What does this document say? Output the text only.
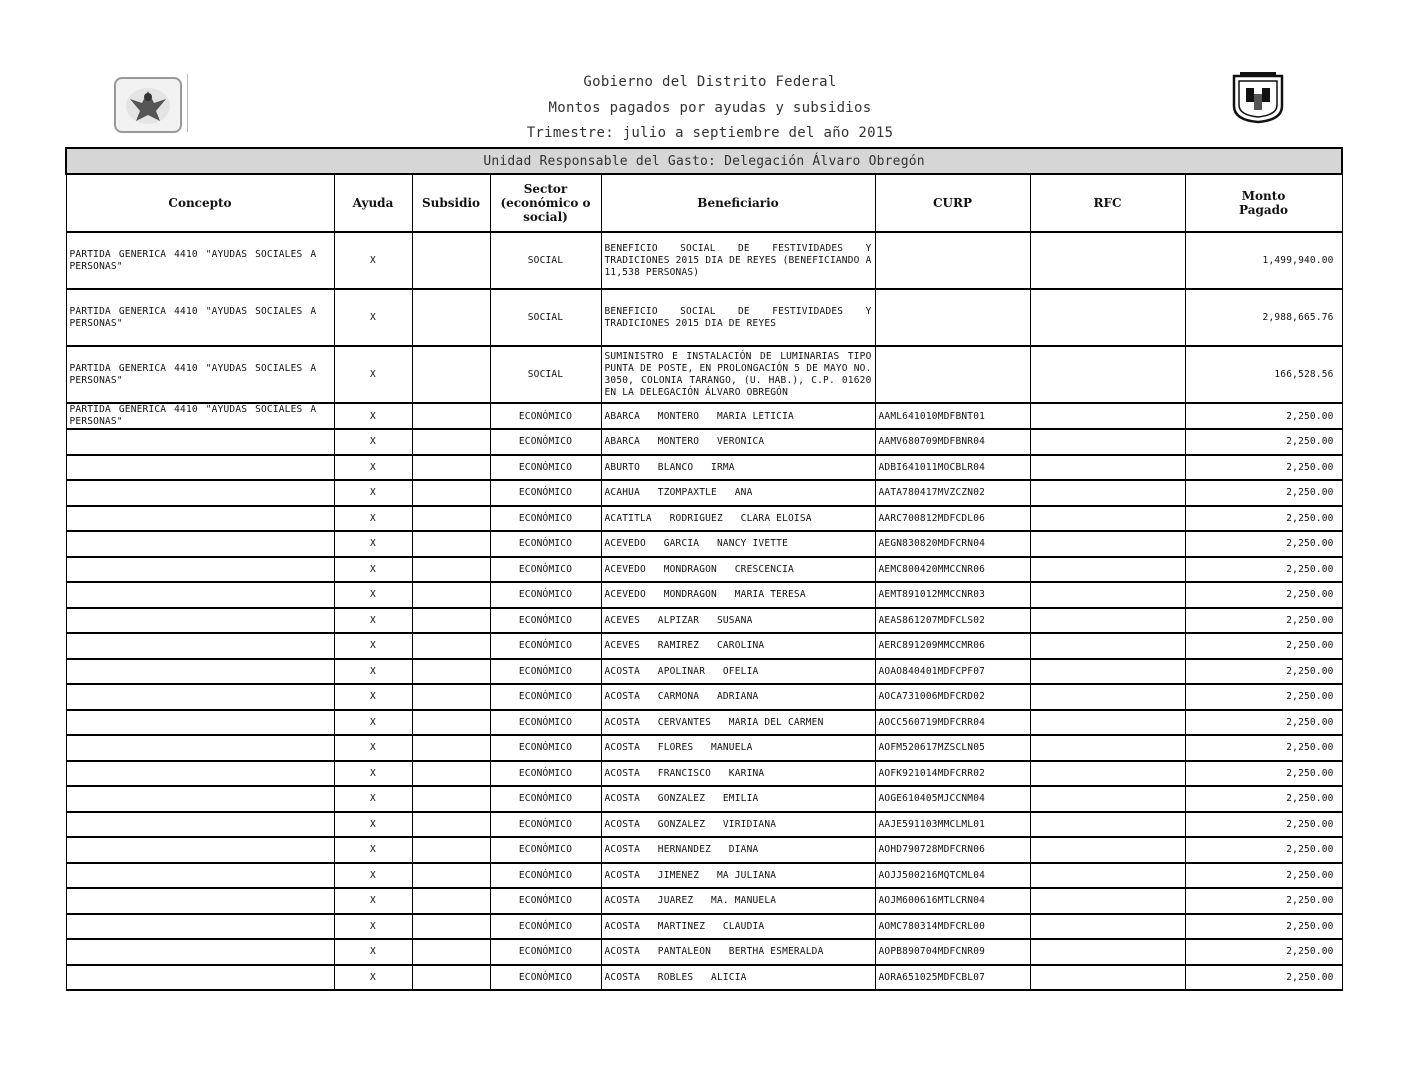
Gobierno del Distrito Federal
Montos pagados por ayudas y subsidios
Trimestre: julio a septiembre del año 2015
Unidad Responsable del Gasto: Delegación Álvaro Obregón							
Concepto	Ayuda	Subsidio	Sector (económico o social)	Beneficiario	CURP	RFC	Monto Pagado
PARTIDA GENERICA 4410 "AYUDAS SOCIALES A PERSONAS"	X		SOCIAL	BENEFICIO SOCIAL DE FESTIVIDADES Y TRADICIONES 2015 DIA DE REYES (BENEFICIANDO A 11,538 PERSONAS)			1,499,940.00
PARTIDA GENERICA 4410 "AYUDAS SOCIALES A PERSONAS"	X		SOCIAL	BENEFICIO SOCIAL DE FESTIVIDADES Y TRADICIONES 2015 DIA DE REYES			2,988,665.76
PARTIDA GENERICA 4410 "AYUDAS SOCIALES A PERSONAS"	X		SOCIAL	SUMINISTRO E INSTALACIÓN DE LUMINARIAS TIPO PUNTA DE POSTE, EN PROLONGACIÓN 5 DE MAYO NO. 3050, COLONIA TARANGO, (U. HAB.), C.P. 01620 EN LA DELEGACIÓN ÁLVARO OBREGÓN			166,528.56
PARTIDA GENERICA 4410 "AYUDAS SOCIALES A PERSONAS"	X		ECONÓMICO	ABARCA   MONTERO   MARIA LETICIA	AAML641010MDFBNT01		2,250.00
	X		ECONÓMICO	ABARCA   MONTERO   VERONICA	AAMV680709MDFBNR04		2,250.00
	X		ECONÓMICO	ABURTO   BLANCO   IRMA	ADBI641011MOCBLR04		2,250.00
	X		ECONÓMICO	ACAHUA   TZOMPAXTLE   ANA	AATA780417MVZCZN02		2,250.00
	X		ECONÓMICO	ACATITLA   RODRIGUEZ   CLARA ELOISA	AARC700812MDFCDL06		2,250.00
	X		ECONÓMICO	ACEVEDO   GARCIA   NANCY IVETTE	AEGN830820MDFCRN04		2,250.00
	X		ECONÓMICO	ACEVEDO   MONDRAGON   CRESCENCIA	AEMC800420MMCCNR06		2,250.00
	X		ECONÓMICO	ACEVEDO   MONDRAGON   MARIA TERESA	AEMT891012MMCCNR03		2,250.00
	X		ECONÓMICO	ACEVES   ALPIZAR   SUSANA	AEAS861207MDFCLS02		2,250.00
	X		ECONÓMICO	ACEVES   RAMIREZ   CAROLINA	AERC891209MMCCMR06		2,250.00
	X		ECONÓMICO	ACOSTA   APOLINAR   OFELIA	AOAO840401MDFCPF07		2,250.00
	X		ECONÓMICO	ACOSTA   CARMONA   ADRIANA	AOCA731006MDFCRD02		2,250.00
	X		ECONÓMICO	ACOSTA   CERVANTES   MARIA DEL CARMEN	AOCC560719MDFCRR04		2,250.00
	X		ECONÓMICO	ACOSTA   FLORES   MANUELA	AOFM520617MZSCLN05		2,250.00
	X		ECONÓMICO	ACOSTA   FRANCISCO   KARINA	AOFK921014MDFCRR02		2,250.00
	X		ECONÓMICO	ACOSTA   GONZALEZ   EMILIA	AOGE610405MJCCNM04		2,250.00
	X		ECONÓMICO	ACOSTA   GONZALEZ   VIRIDIANA	AAJE591103MMCLML01		2,250.00
	X		ECONÓMICO	ACOSTA   HERNANDEZ   DIANA	AOHD790728MDFCRN06		2,250.00
	X		ECONÓMICO	ACOSTA   JIMENEZ   MA JULIANA	AOJJ500216MQTCML04		2,250.00
	X		ECONÓMICO	ACOSTA   JUAREZ   MA. MANUELA	AOJM600616MTLCRN04		2,250.00
	X		ECONÓMICO	ACOSTA   MARTINEZ   CLAUDIA	AOMC780314MDFCRL00		2,250.00
	X		ECONÓMICO	ACOSTA   PANTALEON   BERTHA ESMERALDA	AOPB890704MDFCNR09		2,250.00
	X		ECONÓMICO	ACOSTA   ROBLES   ALICIA	AORA651025MDFCBL07		2,250.00
